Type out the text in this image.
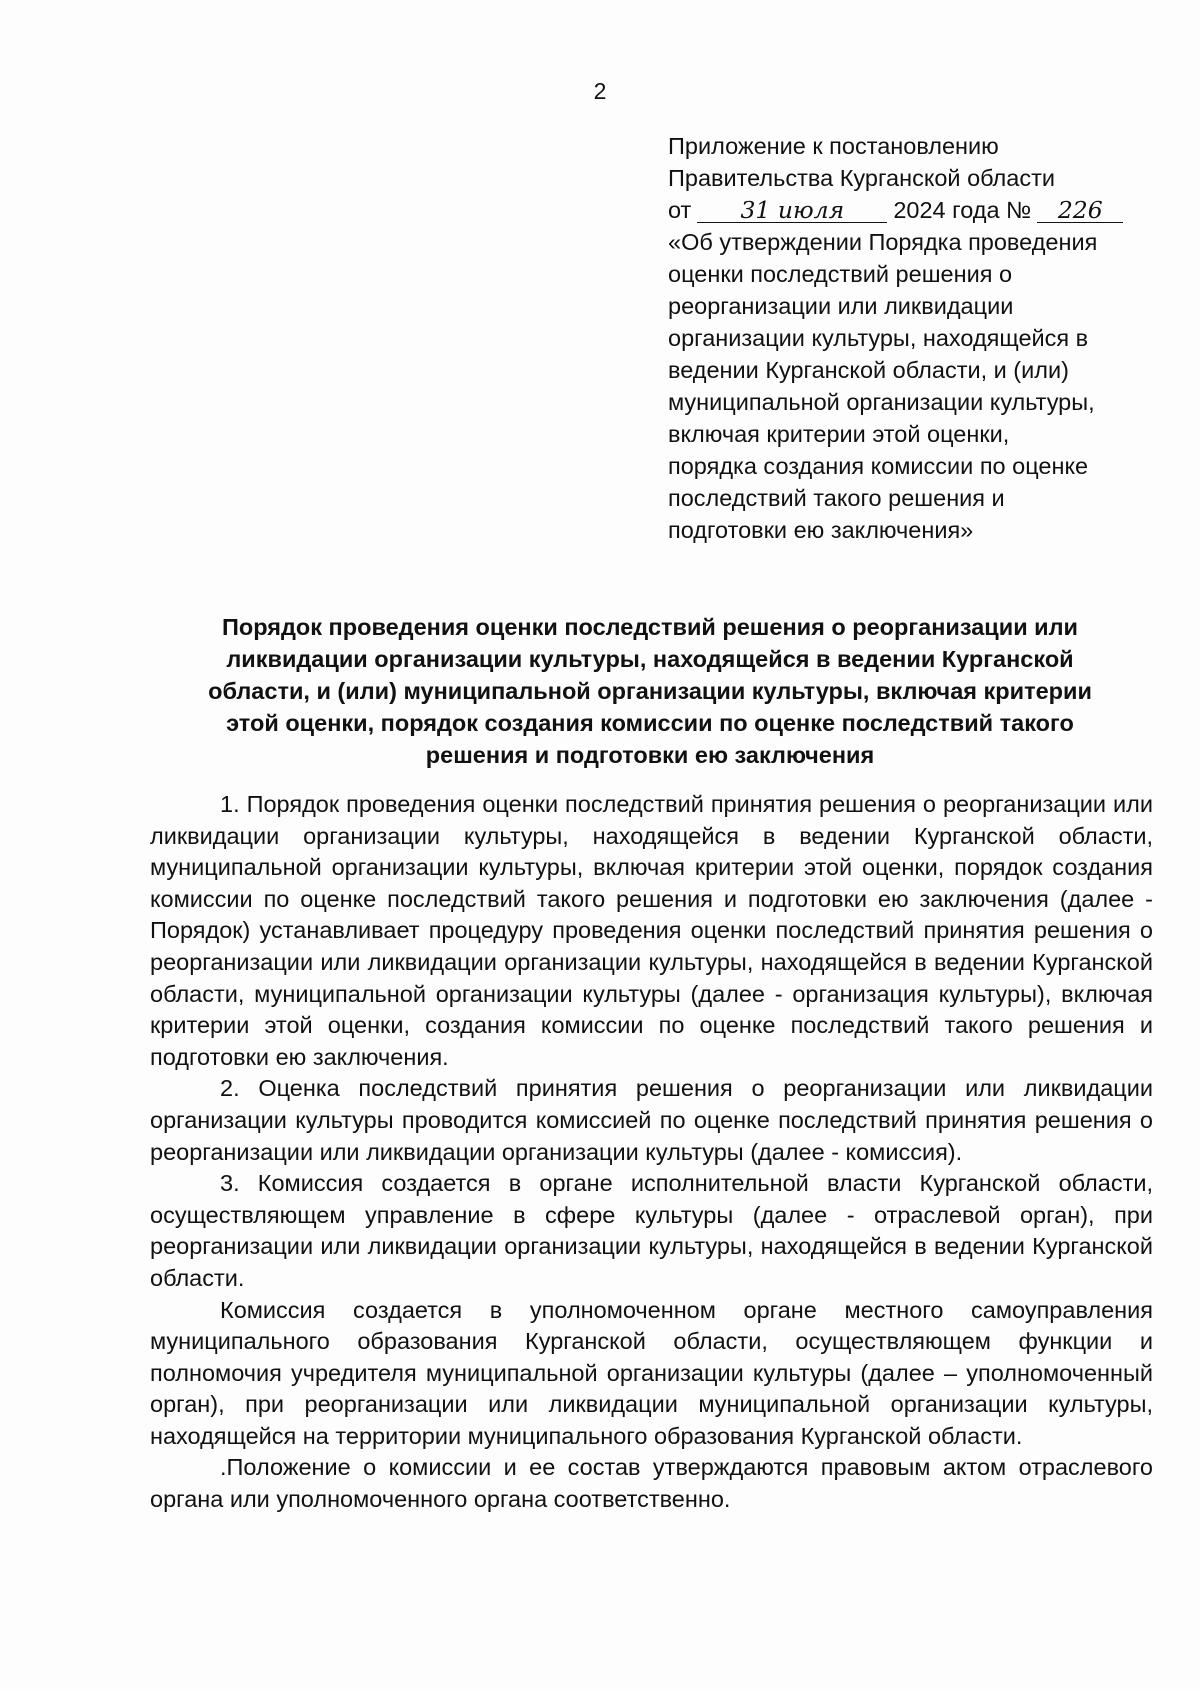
2
Приложение к постановлению
Правительства Курганской области
от 31 июля 2024 года № 226
«Об утверждении Порядка проведения
оценки последствий решения о
реорганизации или ликвидации
организации культуры, находящейся в
ведении Курганской области, и (или)
муниципальной организации культуры,
включая критерии этой оценки,
порядка создания комиссии по оценке
последствий такого решения и
подготовки ею заключения»
Порядок проведения оценки последствий решения о реорганизации или
ликвидации организации культуры, находящейся в ведении Курганской
области, и (или) муниципальной организации культуры, включая критерии
этой оценки, порядок создания комиссии по оценке последствий такого
решения и подготовки ею заключения

1. Порядок проведения оценки последствий принятия решения о реорганизации или ликвидации организации культуры, находящейся в ведении Курганской области, муниципальной организации культуры, включая критерии этой оценки, порядок создания комиссии по оценке последствий такого решения и подготовки ею заключения (далее - Порядок) устанавливает процедуру проведения оценки последствий принятия решения о реорганизации или ликвидации организации культуры, находящейся в ведении Курганской области, муниципальной организации культуры (далее - организация культуры), включая критерии этой оценки, создания комиссии по оценке последствий такого решения и подготовки ею заключения.

2. Оценка последствий принятия решения о реорганизации или ликвидации организации культуры проводится комиссией по оценке последствий принятия решения о реорганизации или ликвидации организации культуры (далее - комиссия).

3. Комиссия создается в органе исполнительной власти Курганской области, осуществляющем управление в сфере культуры (далее - отраслевой орган), при реорганизации или ликвидации организации культуры, находящейся в ведении Курганской области.

Комиссия создается в уполномоченном органе местного самоуправления муниципального образования Курганской области, осуществляющем функции и полномочия учредителя муниципальной организации культуры (далее – уполномоченный орган), при реорганизации или ликвидации муниципальной организации культуры, находящейся на территории муниципального образования Курганской области.

.Положение о комиссии и ее состав утверждаются правовым актом отраслевого органа или уполномоченного органа соответственно.
